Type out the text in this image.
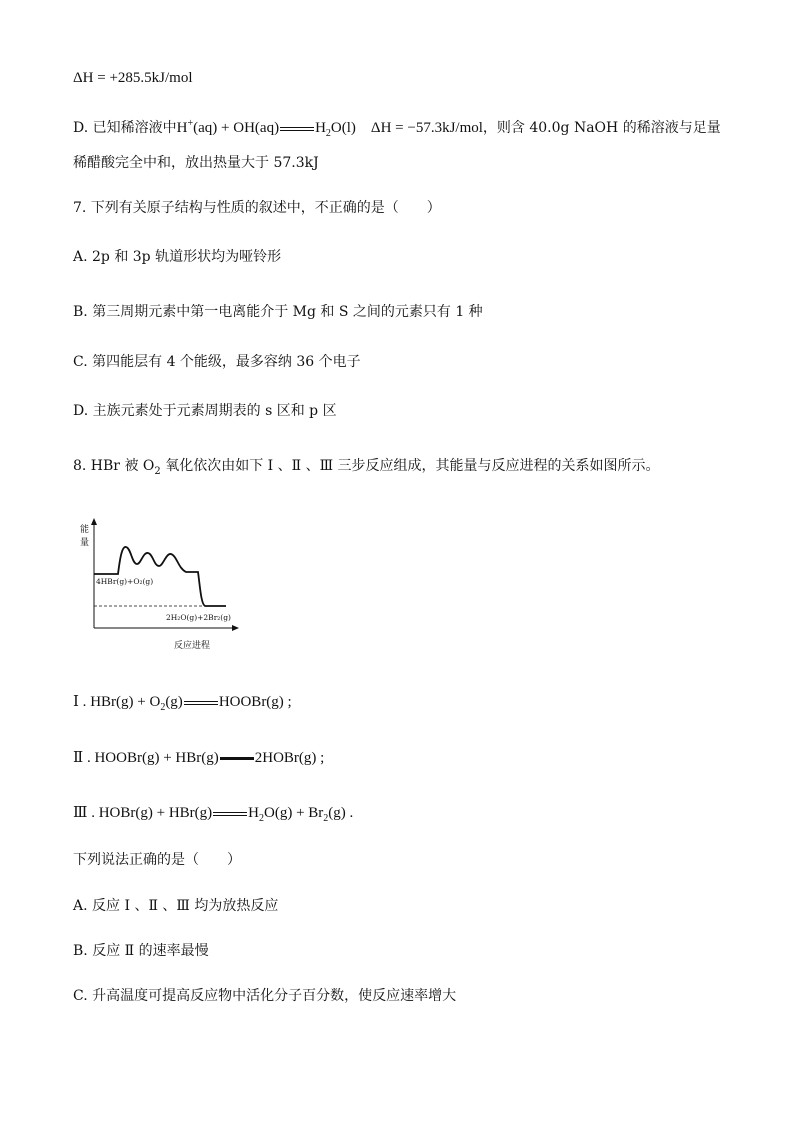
ΔH = +285.5kJ/mol
D. 已知稀溶液中H+(aq) + OH(aq) $H_2O(l) \Delta H = -57.3kJ/mol$，则含 40.0g NaOH 的稀溶液与足量
稀醋酸完全中和，放出热量大于 57.3kJ
7. 下列有关原子结构与性质的叙述中，不正确的是（　　）
A. 2p 和 3p 轨道形状均为哑铃形
B. 第三周期元素中第一电离能介于 Mg 和 S 之间的元素只有 1 种
C. 第四能层有 4 个能级，最多容纳 36 个电子
D. 主族元素处于元素周期表的 s 区和 p 区
8. HBr 被 $O_2$ 氧化依次由如下 Ⅰ 、Ⅱ 、Ⅲ 三步反应组成，其能量与反应进程的关系如图所示。
能
量
4HBr(g)+O₂(g)
2H₂O(g)+2Br₂(g)
反应进程
Ⅰ . $HBr(g) + O_2(g)$ HOOBr(g) ;
Ⅱ . HOOBr(g) + HBr(g) 2HOBr(g) ;
Ⅲ . HOBr(g) + HBr(g) $H_2O(g) + Br_2(g)$ .
下列说法正确的是（　　）
A. 反应 Ⅰ 、Ⅱ 、Ⅲ 均为放热反应
B. 反应 Ⅱ 的速率最慢
C. 升高温度可提高反应物中活化分子百分数，使反应速率增大
